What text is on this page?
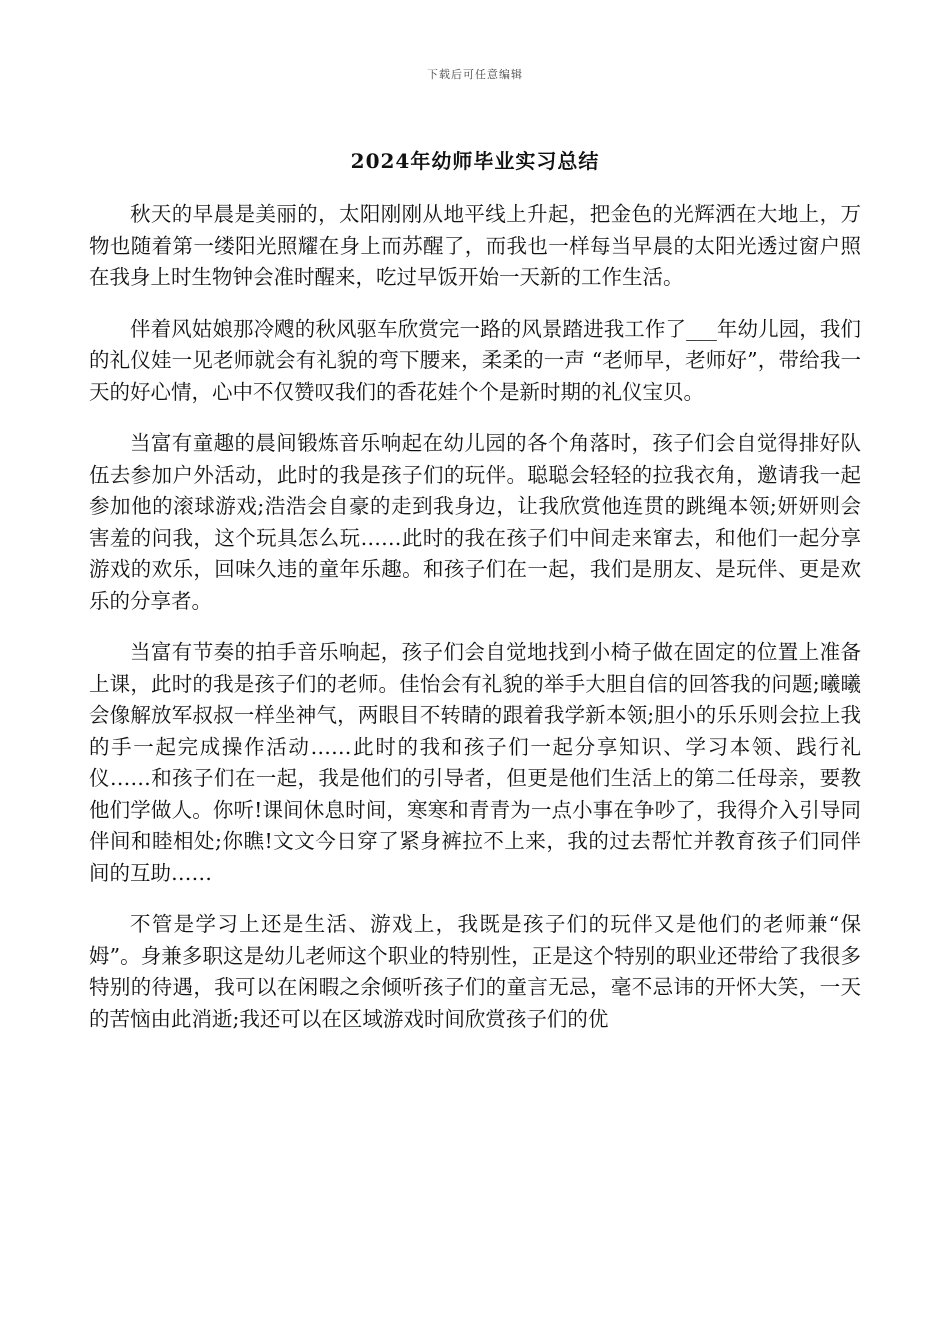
下载后可任意编辑
2024年幼师毕业实习总结

秋天的早晨是美丽的，太阳刚刚从地平线上升起，把金色的光辉洒在大地上，万物也随着第一缕阳光照耀在身上而苏醒了，而我也一样每当早晨的太阳光透过窗户照在我身上时生物钟会准时醒来，吃过早饭开始一天新的工作生活。

伴着风姑娘那冷飕的秋风驱车欣赏完一路的风景踏进我工作了___年幼儿园，我们的礼仪娃一见老师就会有礼貌的弯下腰来，柔柔的一声 “老师早，老师好”，带给我一天的好心情，心中不仅赞叹我们的香花娃个个是新时期的礼仪宝贝。

当富有童趣的晨间锻炼音乐响起在幼儿园的各个角落时，孩子们会自觉得排好队伍去参加户外活动，此时的我是孩子们的玩伴。聪聪会轻轻的拉我衣角，邀请我一起参加他的滚球游戏;浩浩会自豪的走到我身边，让我欣赏他连贯的跳绳本领;妍妍则会害羞的问我，这个玩具怎么玩……此时的我在孩子们中间走来窜去，和他们一起分享游戏的欢乐，回味久违的童年乐趣。和孩子们在一起，我们是朋友、是玩伴、更是欢乐的分享者。

当富有节奏的拍手音乐响起，孩子们会自觉地找到小椅子做在固定的位置上准备上课，此时的我是孩子们的老师。佳怡会有礼貌的举手大胆自信的回答我的问题;曦曦会像解放军叔叔一样坐神气，两眼目不转睛的跟着我学新本领;胆小的乐乐则会拉上我的手一起完成操作活动……此时的我和孩子们一起分享知识、学习本领、践行礼仪……和孩子们在一起，我是他们的引导者，但更是他们生活上的第二任母亲，要教他们学做人。你听!课间休息时间，寒寒和青青为一点小事在争吵了，我得介入引导同伴间和睦相处;你瞧!文文今日穿了紧身裤拉不上来，我的过去帮忙并教育孩子们同伴间的互助……

不管是学习上还是生活、游戏上，我既是孩子们的玩伴又是他们的老师兼“保姆”。身兼多职这是幼儿老师这个职业的特别性，正是这个特别的职业还带给了我很多特别的待遇，我可以在闲暇之余倾听孩子们的童言无忌，毫不忌讳的开怀大笑，一天的苦恼由此消逝;我还可以在区域游戏时间欣赏孩子们的优
